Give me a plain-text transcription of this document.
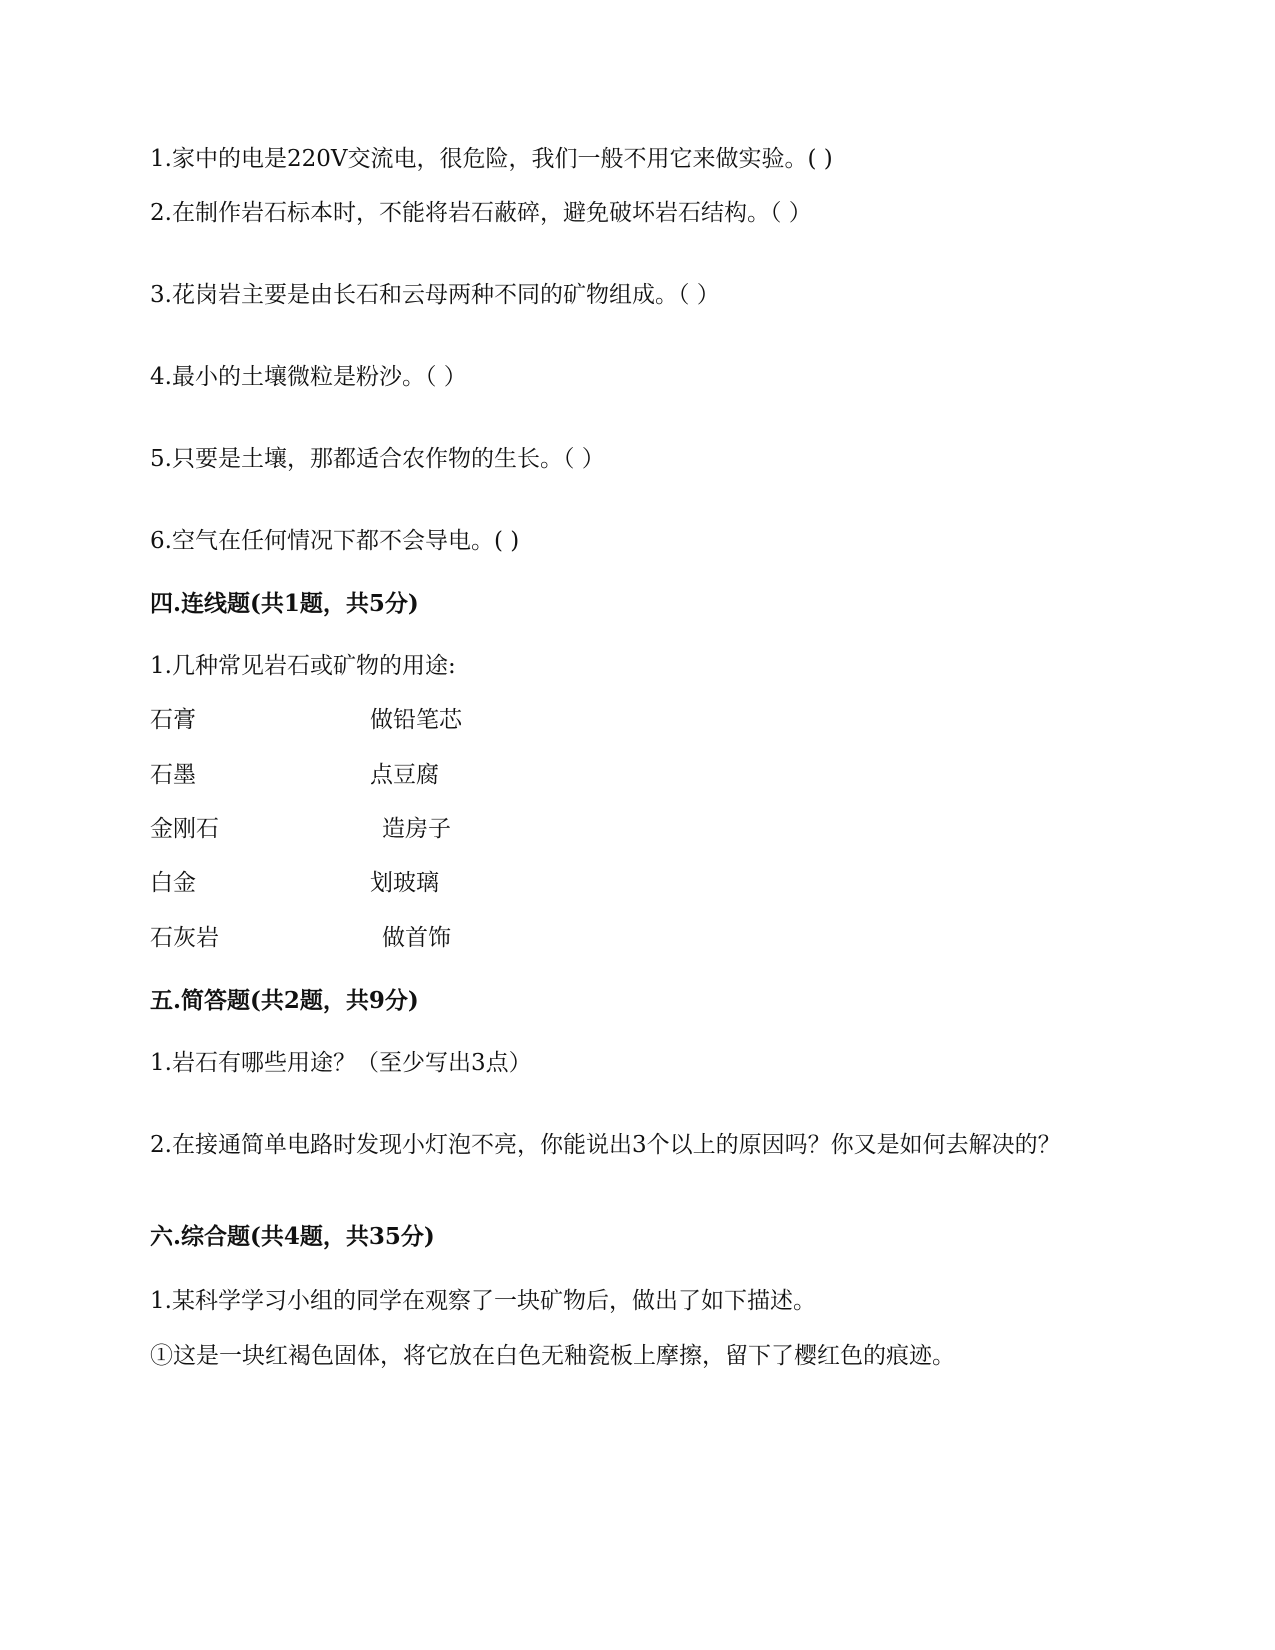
1.家中的电是220V交流电，很危险，我们一般不用它来做实验。( )
2.在制作岩石标本时，不能将岩石蔽碎，避免破坏岩石结构。（ ）
3.花岗岩主要是由长石和云母两种不同的矿物组成。（ ）
4.最小的土壤微粒是粉沙。（ ）
5.只要是土壤，那都适合农作物的生长。（ ）
6.空气在任何情况下都不会导电。( )
四.连线题(共1题，共5分)
1.几种常见岩石或矿物的用途:
石膏	做铅笔芯
石墨	点豆腐
金刚石	造房子
白金	划玻璃
石灰岩	做首饰
五.简答题(共2题，共9分)
1.岩石有哪些用途？（至少写出3点）
2.在接通简单电路时发现小灯泡不亮，你能说出3个以上的原因吗？你又是如何去解决的？
六.综合题(共4题，共35分)
1.某科学学习小组的同学在观察了一块矿物后，做出了如下描述。
①这是一块红褐色固体，将它放在白色无釉瓷板上摩擦，留下了樱红色的痕迹。
